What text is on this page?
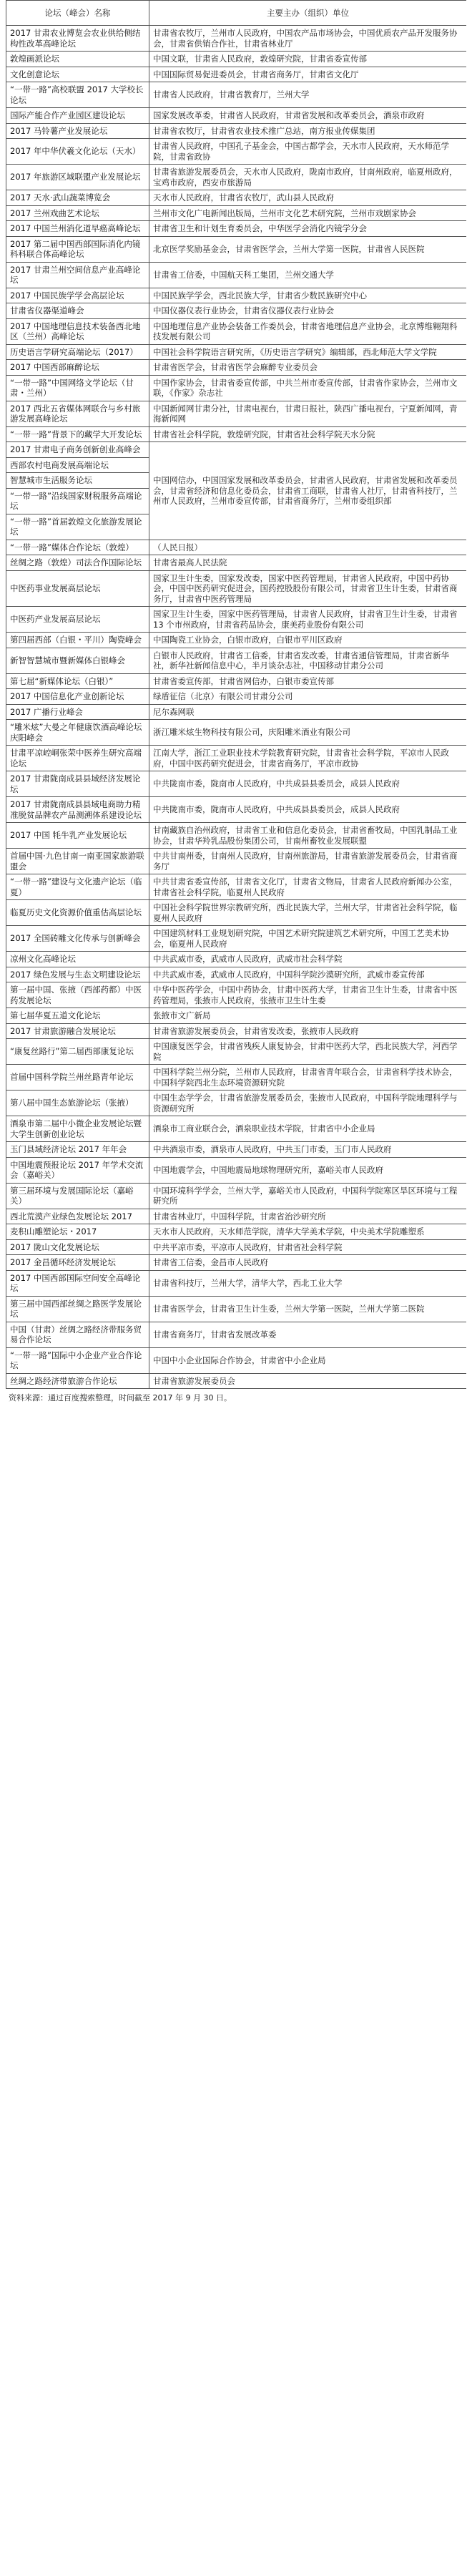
论坛（峰会）名称	主要主办（组织）单位
2017 甘肃农业博览会农业供给侧结构性改革高峰论坛	甘肃省农牧厅，兰州市人民政府，中国农产品市场协会，中国优质农产品开发服务协会，甘肃省供销合作社，甘肃省林业厅
敦煌画派论坛	中国文联，甘肃省人民政府，敦煌研究院，甘肃省委宣传部
文化创意论坛	中国国际贸易促进委员会，甘肃省商务厅，甘肃省文化厅
“一带一路”高校联盟 2017 大学校长论坛	甘肃省人民政府，甘肃省教育厅，兰州大学
国际产能合作产业园区建设论坛	国家发展改革委，甘肃省人民政府，甘肃省发展和改革委员会，酒泉市政府
2017 马铃薯产业发展论坛	甘肃省农牧厅，甘肃省农业技术推广总站，南方报业传媒集团
2017 年中华伏羲文化论坛（天水）	甘肃省人民政府，中国孔子基金会，中国古都学会，天水市人民政府，天水师范学院，甘肃省政协
2017 年旅游区域联盟产业发展论坛	甘肃省旅游发展委员会，天水市人民政府，陇南市政府，甘南州政府，临夏州政府，宝鸡市政府，西安市旅游局
2017 天水·武山蔬菜博览会	天水市人民政府，甘肃省农牧厅，武山县人民政府
2017 兰州戏曲艺术论坛	兰州市文化广电新闻出版局，兰州市文化艺术研究院，兰州市戏剧家协会
2017 中国兰州消化道早癌高峰论坛	甘肃省卫生和计划生育委员会，中华医学会消化内镜学分会
2017 第二届中国西部国际消化内镜科科联合体高峰论坛	北京医学奖励基金会，甘肃省医学会，兰州大学第一医院，甘肃省人民医院
2017 甘肃兰州空间信息产业高峰论坛	甘肃省工信委，中国航天科工集团，兰州交通大学
2017 中国民族学学会高层论坛	中国民族学学会，西北民族大学，甘肃省少数民族研究中心
甘肃省仪器渠道峰会	中国仪器仪表行业协会，甘肃省仪器仪表行业协会
2017 中国地理信息技术装备西北地区（兰州）高峰论坛	中国地理信息产业协会装备工作委员会，甘肃省地理信息产业协会，北京博维翱翔科技发展有限公司
历史语言学研究高端论坛（2017）	中国社会科学院语言研究所，《历史语言学研究》编辑部，西北师范大学文学院
2017 中国西部麻醉论坛	甘肃省医学会，甘肃省医学会麻醉专业委员会
“一带一路”中国网络文学论坛（甘肃・兰州）	中国作家协会，甘肃省委宣传部，中共兰州市委宣传部，甘肃省作家协会，兰州市文联，《作家》杂志社
2017 西北五省媒体网联合与乡村旅游发展高峰论坛	中国新闻网甘肃分社，甘肃电视台，甘肃日报社，陕西广播电视台，宁夏新闻网，青海新闻网
“一带一路”背景下的藏学大开发论坛	甘肃省社会科学院，敦煌研究院，甘肃省社会科学院天水分院
2017 甘肃电子商务创新创业高峰会	中国网信办，中国国家发展和改革委员会，甘肃省人民政府，甘肃省发展和改革委员会，甘肃省经济和信息化委员会，甘肃省工商联，甘肃省人社厅，甘肃省科技厅，兰州市人民政府，兰州市委宣传部，甘肃省商务厅，兰州市委组织部
西部农村电商发展高端论坛	
智慧城市生活服务论坛	
“一带一路”沿线国家财税服务高端论坛	
“一带一路”首届敦煌文化旅游发展论坛	
“一带一路”媒体合作论坛（敦煌）	（人民日报）
丝绸之路（敦煌）司法合作国际论坛	甘肃省最高人民法院
中医药事业发展高层论坛	国家卫生计生委，国家发改委，国家中医药管理局，甘肃省人民政府，中国中药协会，中国中医药研究促进会，国药控股股份有限公司，甘肃省卫生计生委，甘肃省商务厅，甘肃省中医药管理局
中医药产业发展高层论坛	国家卫生计生委，国家中医药管理局，甘肃省人民政府，甘肃省卫生计生委，甘肃省 13 个市州政府，甘肃省药品协会，康美药业股份有限公司
第四届西部（白银・平川）陶瓷峰会	中国陶瓷工业协会，白银市政府，白银市平川区政府
新智智慧城市暨新媒体白银峰会	白银市人民政府，甘肃省工信委，甘肃省发改委，甘肃省通信管理局，甘肃省新华社，新华社新闻信息中心，半月谈杂志社，中国移动甘肃分公司
第七届“新媒体论坛（白银）”	甘肃省委宣传部，甘肃省网信办，白银市委宣传部
2017 中国信息化产业创新论坛	绿盾征信（北京）有限公司甘肃分公司
2017 广播行业峰会	尼尔森网联
“雕米炫”大曼之年健康饮酒高峰论坛庆阳峰会	浙江雕米炫生物科技有限公司，庆阳雕米酒业有限公司
甘肃平凉崆峒张荣中医养生研究高端论坛	江南大学，浙江工业职业技术学院教育研究院，甘肃省社会科学院，平凉市人民政府，中国中医药研究促进会，甘肃省商务厅，平凉市政协
2017 甘肃陇南成县县域经济发展论坛	中共陇南市委，陇南市人民政府，中共成县县委员会，成县人民政府
2017 甘肃陇南成县县域电商助力精准脱贫品牌农产品测溯体系建设论坛	中共陇南市委，陇南市人民政府，中共成县县委员会，成县人民政府
2017 中国 牦牛乳产业发展论坛	甘南藏族自治州政府，甘肃省工业和信息化委员会，甘肃省畜牧局，中国乳制品工业协会，甘肃华羚乳品股份集团公司，甘南州畜牧业发展联盟
首届中国·九色甘南一南亚国家旅游联盟会	中共甘南州委，甘南州人民政府，甘南州旅游局，甘肃省旅游发展委员会，甘肃省商务厅
“一带一路”建设与文化遗产论坛（临夏）	中共甘肃省委宣传部，甘肃省文化厅，甘肃省文物局，甘肃省人民政府新闻办公室，甘肃省社会科学院，临夏州人民政府
临夏历史文化资源价值重估高层论坛	中国社会科学院世界宗教研究所，西北民族大学，兰州大学，甘肃省社会科学院，临夏州人民政府
2017 全国砖雕文化传承与创新峰会	中国建筑材料工业规划研究院，中国艺术研究院建筑艺术研究所，中国工艺美术协会，临夏州人民政府
凉州文化高峰论坛	中共武威市委，武威市人民政府，武威市社会科学院
2017 绿色发展与生态文明建设论坛	中共武威市委，武威市人民政府，中国科学院沙漠研究所，武威市委宣传部
第一届中国、张掖（西部药都）中医药发展论坛	中华中医药学会，中国中药协会，甘肃中医药大学，甘肃省卫生计生委，甘肃省中医药管理局，张掖市人民政府，张掖市卫生计生委
第七届华夏五道文化论坛	张掖市文广新局
2017 甘肃旅游融合发展论坛	甘肃省旅游发展委员会，甘肃省发改委，张掖市人民政府
“康复丝路行”第二届西部康复论坛	中国康复医学会，甘肃省残疾人康复协会，甘肃中医药大学，西北民族大学，河西学院
首届中国科学院兰州丝路青年论坛	中国科学院兰州分院，兰州市人民政府，甘肃省青年联合会，甘肃省科学技术协会，中国科学院西北生态环境资源研究院
第八届中国生态旅游论坛（张掖）	中国生态学学会，甘肃省旅游发展委员会，张掖市人民政府，中国科学院地理科学与资源研究所
酒泉市第二届中小微企业发展论坛暨大学生创新创业论坛	酒泉市工商业联合会，酒泉职业技术学院，甘肃省中小企业局
玉门县域经济论坛 2017 年年会	中共酒泉市委，酒泉市人民政府，中共玉门市委，玉门市人民政府
中国地震预报论坛 2017 年学术交流会（嘉峪关）	中国地震学会，中国地震局地球物理研究所，嘉峪关市人民政府
第三届环境与发展国际论坛（嘉峪关）	中国环境科学学会，兰州大学，嘉峪关市人民政府，中国科学院寒区旱区环境与工程研究所
西北荒漠产业绿色发展论坛 2017	甘肃省林业厅，中国科学院，甘肃省治沙研究所
麦积山雕塑论坛・2017	天水市人民政府，天水师范学院，清华大学美术学院，中央美术学院雕塑系
2017 陇山文化发展论坛	中共平凉市委，平凉市人民政府，甘肃省社会科学院
2017 金昌循环经济发展论坛	甘肃省工信委，金昌市人民政府
2017 中国西部国际空间安全高峰论坛	甘肃省科技厅，兰州大学，清华大学，西北工业大学
第三届中国西部丝绸之路医学发展论坛	甘肃省医学会，甘肃省卫生计生委，兰州大学第一医院，兰州大学第二医院
中国（甘肃）丝绸之路经济带服务贸易合作论坛	甘肃省商务厅，甘肃省发展改革委
“一带一路”国际中小企业产业合作论坛	中国中小企业国际合作协会，甘肃省中小企业局
丝绸之路经济带旅游合作论坛	甘肃省旅游发展委员会
资料来源：通过百度搜索整理，时间截至 2017 年 9 月 30 日。
